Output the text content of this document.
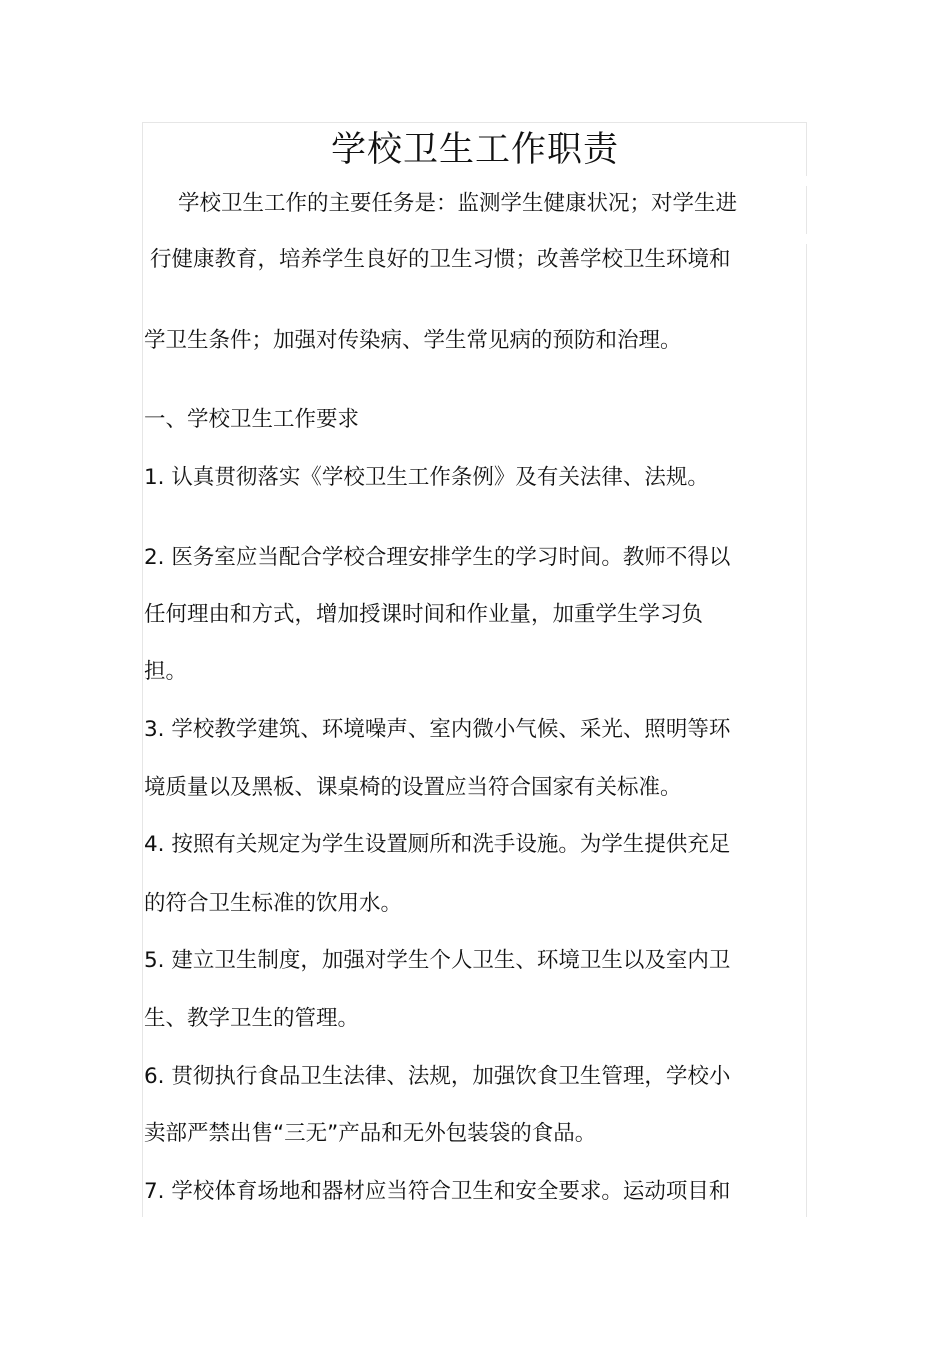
学校卫生工作职责
学校卫生工作的主要任务是：监测学生健康状况；对学生进
行健康教育，培养学生良好的卫生习惯；改善学校卫生环境和
学卫生条件；加强对传染病、学生常见病的预防和治理。
一、学校卫生工作要求
1. 认真贯彻落实《学校卫生工作条例》及有关法律、法规。
2. 医务室应当配合学校合理安排学生的学习时间。教师不得以
任何理由和方式，增加授课时间和作业量，加重学生学习负
担。
3. 学校教学建筑、环境噪声、室内微小气候、采光、照明等环
境质量以及黑板、课桌椅的设置应当符合国家有关标准。
4. 按照有关规定为学生设置厕所和洗手设施。为学生提供充足
的符合卫生标准的饮用水。
5. 建立卫生制度，加强对学生个人卫生、环境卫生以及室内卫
生、教学卫生的管理。
6. 贯彻执行食品卫生法律、法规，加强饮食卫生管理，学校小
卖部严禁出售“三无”产品和无外包装袋的食品。
7. 学校体育场地和器材应当符合卫生和安全要求。运动项目和
